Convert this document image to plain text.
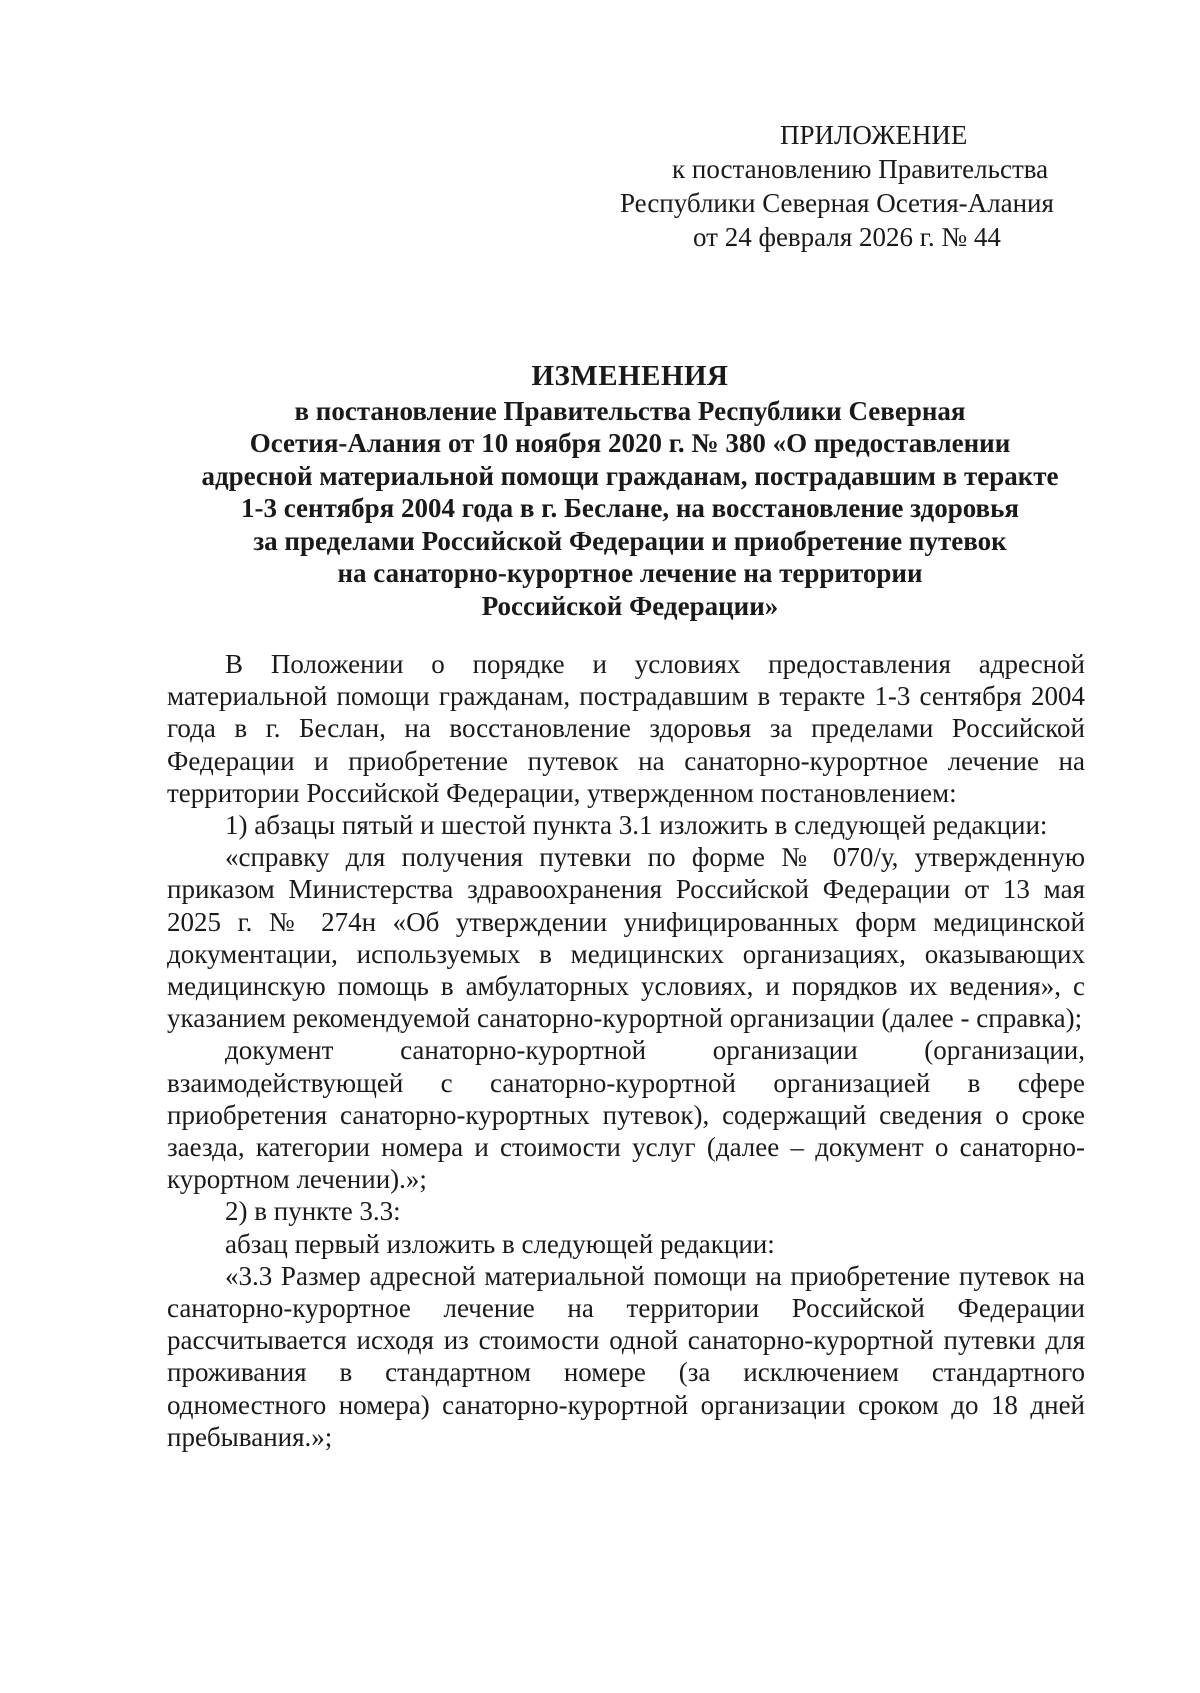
ПРИЛОЖЕНИЕ
к постановлению Правительства
Республики Северная Осетия-Алания
от 24 февраля 2026 г. № 44
ИЗМЕНЕНИЯ
в постановление Правительства Республики Северная
Осетия-Алания от 10 ноября 2020 г. № 380 «О предоставлении
адресной материальной помощи гражданам, пострадавшим в теракте
1-3 сентября 2004 года в г. Беслане, на восстановление здоровья
за пределами Российской Федерации и приобретение путевок
на санаторно-курортное лечение на территории
Российской Федерации»

В Положении о порядке и условиях предоставления адресной материальной помощи гражданам, пострадавшим в теракте 1-3 сентября 2004 года в г. Беслан, на восстановление здоровья за пределами Российской Федерации и приобретение путевок на санаторно-курортное лечение на территории Российской Федерации, утвержденном постановлением:

1) абзацы пятый и шестой пункта 3.1 изложить в следующей редакции:

«справку для получения путевки по форме № 070/у, утвержденную приказом Министерства здравоохранения Российской Федерации от 13 мая 2025 г. № 274н «Об утверждении унифицированных форм медицинской документации, используемых в медицинских организациях, оказывающих медицинскую помощь в амбулаторных условиях, и порядков их ведения», с указанием рекомендуемой санаторно-курортной организации (далее - справка);

документ санаторно-курортной организации (организации, взаимодействующей с санаторно-курортной организацией в сфере приобретения санаторно-курортных путевок), содержащий сведения о сроке заезда, категории номера и стоимости услуг (далее – документ о санаторно-курортном лечении).»;

2) в пункте 3.3:

абзац первый изложить в следующей редакции:

«3.3 Размер адресной материальной помощи на приобретение путевок на санаторно-курортное лечение на территории Российской Федерации рассчитывается исходя из стоимости одной санаторно-курортной путевки для проживания в стандартном номере (за исключением стандартного одноместного номера) санаторно-курортной организации сроком до 18 дней пребывания.»;
